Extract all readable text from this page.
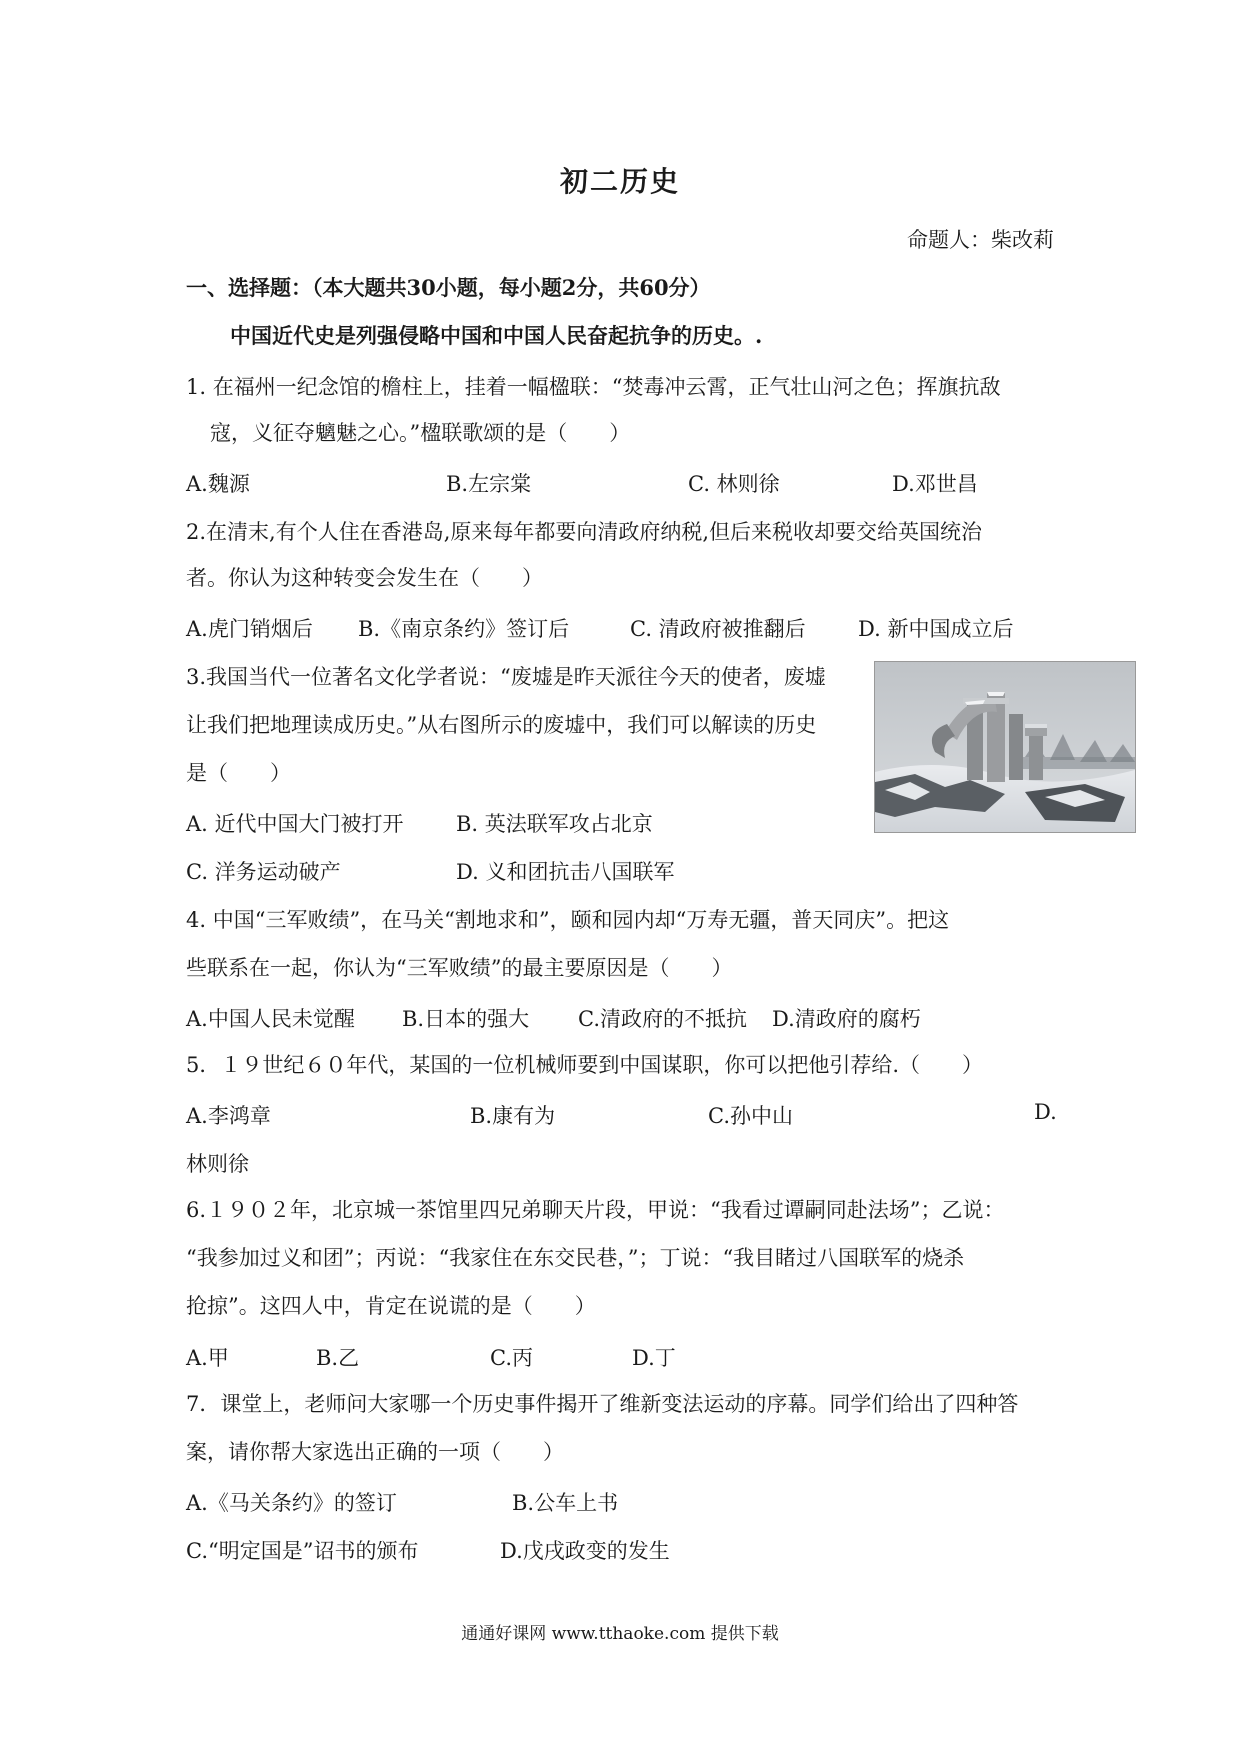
初二历史
命题人：柴改莉
一、选择题：（本大题共30小题，每小题2分，共60分）
中国近代史是列强侵略中国和中国人民奋起抗争的历史。.
1. 在福州一纪念馆的檐柱上，挂着一幅楹联：“焚毒冲云霄，正气壮山河之色；挥旗抗敌
寇，义征夺魑魅之心。”楹联歌颂的是（　　）
A.魏源	B.左宗棠	C. 林则徐	D.邓世昌
2.在清末,有个人住在香港岛,原来每年都要向清政府纳税,但后来税收却要交给英国统治
者。你认为这种转变会发生在（　　）
A.虎门销烟后 B.《南京条约》签订后	C. 清政府被推翻后 D. 新中国成立后
3.我国当代一位著名文化学者说：“废墟是昨天派往今天的使者，废墟
让我们把地理读成历史。”从右图所示的废墟中，我们可以解读的历史
是（　　）
A. 近代中国大门被打开 B. 英法联军攻占北京
C. 洋务运动破产	D. 义和团抗击八国联军
4. 中国“三军败绩”，在马关“割地求和”，颐和园内却“万寿无疆，普天同庆”。把这
些联系在一起，你认为“三军败绩”的最主要原因是（　　）
A.中国人民未觉醒 B.日本的强大 C.清政府的不抵抗 D.清政府的腐朽
5．１９世纪６０年代，某国的一位机械师要到中国谋职，你可以把他引荐给.（　　）
A.李鸿章	B.康有为	C.孙中山	D.
林则徐
6.１９０２年，北京城一茶馆里四兄弟聊天片段，甲说：“我看过谭嗣同赴法场”；乙说：
“我参加过义和团”；丙说：“我家住在东交民巷，”；丁说：“我目睹过八国联军的烧杀
抢掠”。这四人中，肯定在说谎的是（　　）
A.甲	B.乙	C.丙	D.丁
7．课堂上，老师问大家哪一个历史事件揭开了维新变法运动的序幕。同学们给出了四种答
案，请你帮大家选出正确的一项（　　）
A.《马关条约》的签订	B.公车上书
C.“明定国是”诏书的颁布	D.戊戌政变的发生
通通好课网 www.tthaoke.com 提供下载
